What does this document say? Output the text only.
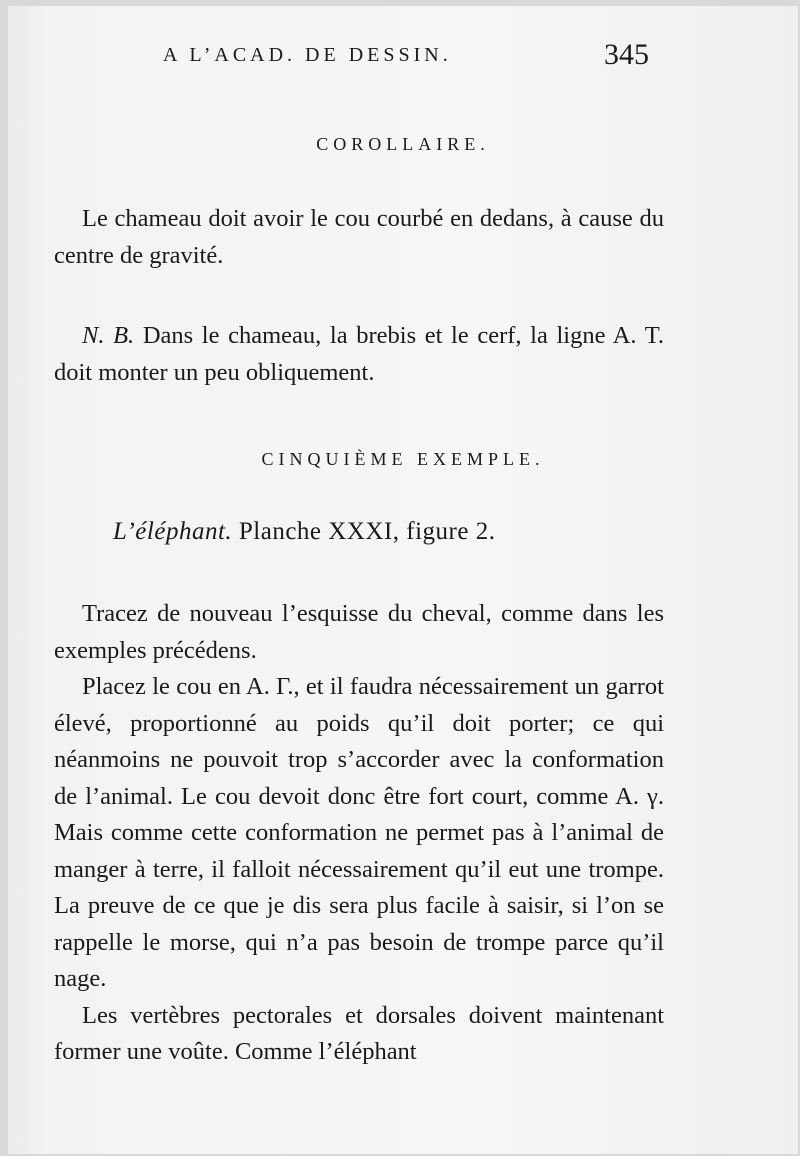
A L’ACAD. DE DESSIN.	345
COROLLAIRE.

Le chameau doit avoir le cou courbé en dedans, à cause du centre de gravité.

N. B. Dans le chameau, la brebis et le cerf, la ligne A. T. doit monter un peu obliquement.

CINQUIÈME EXEMPLE.
L’éléphant. Planche XXXI, figure 2.

Tracez de nouveau l’esquisse du cheval, comme dans les exemples précédens.

Placez le cou en A. Γ., et il faudra nécessairement un garrot élevé, proportionné au poids qu’il doit porter; ce qui néanmoins ne pouvoit trop s’accorder avec la conformation de l’animal. Le cou devoit donc être fort court, comme A. γ. Mais comme cette conformation ne permet pas à l’animal de manger à terre, il falloit nécessairement qu’il eut une trompe. La preuve de ce que je dis sera plus facile à saisir, si l’on se rappelle le morse, qui n’a pas besoin de trompe parce qu’il nage.

Les vertèbres pectorales et dorsales doivent maintenant former une voûte. Comme l’éléphant
